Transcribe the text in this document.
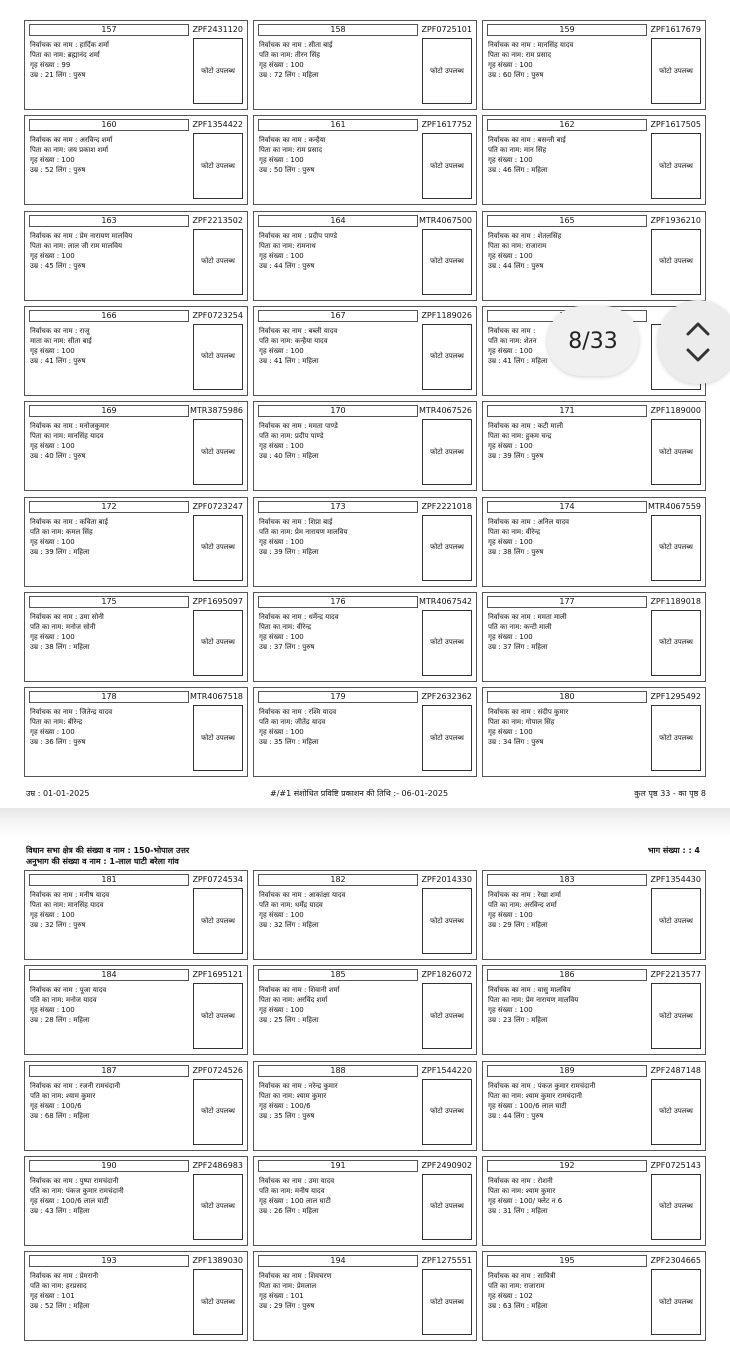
157	ZPF2431120
निर्वाचक का नाम : हार्दिक शर्मा
पिता का नाम: ब्रह्मानंद शर्मा
गृह संख्या : 99
उम्र : 21 लिंग : पुरुष
फोटो उपलब्ध
158	ZPF0725101
निर्वाचक का नाम : सीता बाई
पति का नाम: तीरन सिंह
गृह संख्या : 100
उम्र : 72 लिंग : महिला
फोटो उपलब्ध
159	ZPF1617679
निर्वाचक का नाम : मानसिंह यादव
पिता का नाम: राम प्रसाद
गृह संख्या : 100
उम्र : 60 लिंग : पुरुष
फोटो उपलब्ध
160	ZPF1354422
निर्वाचक का नाम : अरविन्द शर्मा
पिता का नाम: जय प्रकाश शर्मा
गृह संख्या : 100
उम्र : 52 लिंग : पुरुष
फोटो उपलब्ध
161	ZPF1617752
निर्वाचक का नाम : कन्हैया
पिता का नाम: राम प्रसाद
गृह संख्या : 100
उम्र : 50 लिंग : पुरुष
फोटो उपलब्ध
162	ZPF1617505
निर्वाचक का नाम : बसन्ती बाई
पति का नाम: मान सिंह
गृह संख्या : 100
उम्र : 46 लिंग : महिला
फोटो उपलब्ध
163	ZPF2213502
निर्वाचक का नाम : प्रेम नारायण मालविय
पिता का नाम: लाल जी राम मालविय
गृह संख्या : 100
उम्र : 45 लिंग : पुरुष
फोटो उपलब्ध
164	MTR4067500
निर्वाचक का नाम : प्रदीप पाण्डे
पिता का नाम: रामनाथ
गृह संख्या : 100
उम्र : 44 लिंग : पुरुष
फोटो उपलब्ध
165	ZPF1936210
निर्वाचक का नाम : शेतलसिंह
पिता का नाम: राजाराम
गृह संख्या : 100
उम्र : 44 लिंग : पुरुष
फोटो उपलब्ध
166	ZPF0723254
निर्वाचक का नाम : राजू
माता का नाम: सीता बाई
गृह संख्या : 100
उम्र : 41 लिंग : पुरुष
फोटो उपलब्ध
167	ZPF1189026
निर्वाचक का नाम : बब्ली यादव
पति का नाम: कन्हैया यादव
गृह संख्या : 100
उम्र : 41 लिंग : महिला
फोटो उपलब्ध
निर्वाचक का नाम :
पति का नाम: शेतन
गृह संख्या : 100
उम्र : 41 लिंग : महिला
169	MTR3875986
निर्वाचक का नाम : मनोजकुमार
पिता का नाम: मानसिंह यादव
गृह संख्या : 100
उम्र : 40 लिंग : पुरुष
फोटो उपलब्ध
170	MTR4067526
निर्वाचक का नाम : ममता पाण्डे
पति का नाम: प्रदीप पाण्डे
गृह संख्या : 100
उम्र : 40 लिंग : महिला
फोटो उपलब्ध
171	ZPF1189000
निर्वाचक का नाम : कटी माली
पिता का नाम: हुकम चन्द्र
गृह संख्या : 100
उम्र : 39 लिंग : पुरुष
फोटो उपलब्ध
172	ZPF0723247
निर्वाचक का नाम : कविता बाई
पति का नाम: कमल सिंह
गृह संख्या : 100
उम्र : 39 लिंग : महिला
फोटो उपलब्ध
173	ZPF2221018
निर्वाचक का नाम : शिप्रा बाई
पति का नाम: प्रेम नारायण मालविय
गृह संख्या : 100
उम्र : 39 लिंग : महिला
फोटो उपलब्ध
174	MTR4067559
निर्वाचक का नाम : अनिल यादव
पिता का नाम: वीरेन्द्र
गृह संख्या : 100
उम्र : 38 लिंग : पुरुष
फोटो उपलब्ध
175	ZPF1695097
निर्वाचक का नाम : उमा सोनी
पति का नाम: मनोज सोनी
गृह संख्या : 100
उम्र : 38 लिंग : महिला
फोटो उपलब्ध
176	MTR4067542
निर्वाचक का नाम : धर्मेन्द्र यादव
पिता का नाम: वीरेन्द्र
गृह संख्या : 100
उम्र : 37 लिंग : पुरुष
फोटो उपलब्ध
177	ZPF1189018
निर्वाचक का नाम : ममता माली
पति का नाम: कन्टी माली
गृह संख्या : 100
उम्र : 37 लिंग : महिला
फोटो उपलब्ध
178	MTR4067518
निर्वाचक का नाम : जितेन्द्र यादव
पिता का नाम: बीरेन्द्र
गृह संख्या : 100
उम्र : 36 लिंग : पुरुष
फोटो उपलब्ध
179	ZPF2632362
निर्वाचक का नाम : रश्मि यादव
पति का नाम: जीतेंद्र यादव
गृह संख्या : 100
उम्र : 35 लिंग : महिला
फोटो उपलब्ध
180	ZPF1295492
निर्वाचक का नाम : संदीप कुमार
पिता का नाम: गोपाल सिंह
गृह संख्या : 100
उम्र : 34 लिंग : पुरुष
फोटो उपलब्ध
उम्र : 01-01-2025	#/#1 संशोधित प्रविष्टि प्रकाशन की तिथि :- 06-01-2025	कुल पृष्ठ 33 - का पृष्ठ 8
विधान सभा क्षेत्र की संख्या व नाम : 150-भोपाल उत्तर
अनुभाग की संख्या व नाम : 1-लाल घाटी बरेला गांव
भाग संख्या : : 4
181	ZPF0724534
निर्वाचक का नाम : मनीष यादव
पिता का नाम: मानसिंह यादव
गृह संख्या : 100
उम्र : 32 लिंग : पुरुष
फोटो उपलब्ध
182	ZPF2014330
निर्वाचक का नाम : आकांक्षा यादव
पति का नाम: धर्मेंद्र यादव
गृह संख्या : 100
उम्र : 32 लिंग : महिला
फोटो उपलब्ध
183	ZPF1354430
निर्वाचक का नाम : रेखा शर्मा
पति का नाम: अरविन्द शर्मा
गृह संख्या : 100
उम्र : 29 लिंग : महिला
फोटो उपलब्ध
184	ZPF1695121
निर्वाचक का नाम : पूजा यादव
पति का नाम: मनोज यादव
गृह संख्या : 100
उम्र : 28 लिंग : महिला
फोटो उपलब्ध
185	ZPF1826072
निर्वाचक का नाम : शिवानी शर्मा
पिता का नाम: अरविंद शर्मा
गृह संख्या : 100
उम्र : 25 लिंग : महिला
फोटो उपलब्ध
186	ZPF2213577
निर्वाचक का नाम : वासु मालविय
पिता का नाम: प्रेम नारायण मालविय
गृह संख्या : 100
उम्र : 23 लिंग : महिला
फोटो उपलब्ध
187	ZPF0724526
निर्वाचक का नाम : रजनी रामचंदानी
पति का नाम: श्याम कुमार
गृह संख्या : 100/6
उम्र : 68 लिंग : महिला
फोटो उपलब्ध
188	ZPF1544220
निर्वाचक का नाम : नरेन्द्र कुमार
पिता का नाम: श्याम कुमार
गृह संख्या : 100/6
उम्र : 35 लिंग : पुरुष
फोटो उपलब्ध
189	ZPF2487148
निर्वाचक का नाम : पंकज कुमार रामचंदानी
पिता का नाम: श्याम कुमार रामचंदानी
गृह संख्या : 100/6 लाल घाटी
उम्र : 44 लिंग : पुरुष
फोटो उपलब्ध
190	ZPF2486983
निर्वाचक का नाम : पुष्पा रामचंदानी
पति का नाम: पंकज कुमार रामचंदानी
गृह संख्या : 100/6 लाल घाटी
उम्र : 43 लिंग : महिला
फोटो उपलब्ध
191	ZPF2490902
निर्वाचक का नाम : उमा यादव
पति का नाम: मनीष यादव
गृह संख्या : 100 लाल घाटी
उम्र : 26 लिंग : महिला
फोटो उपलब्ध
192	ZPF0725143
निर्वाचक का नाम : रोशनी
पिता का नाम: श्याम कुमार
गृह संख्या : 100/ फ्लेट न 6
उम्र : 31 लिंग : महिला
फोटो उपलब्ध
193	ZPF1389030
निर्वाचक का नाम : प्रेमरानी
पति का नाम: हरप्रसाद
गृह संख्या : 101
उम्र : 52 लिंग : महिला
फोटो उपलब्ध
194	ZPF1275551
निर्वाचक का नाम : शिवचरण
पिता का नाम: प्रेमलाल
गृह संख्या : 101
उम्र : 29 लिंग : पुरुष
फोटो उपलब्ध
195	ZPF2304665
निर्वाचक का नाम : सावित्री
पति का नाम: राजाराम
गृह संख्या : 102
उम्र : 63 लिंग : महिला
फोटो उपलब्ध
8/33
